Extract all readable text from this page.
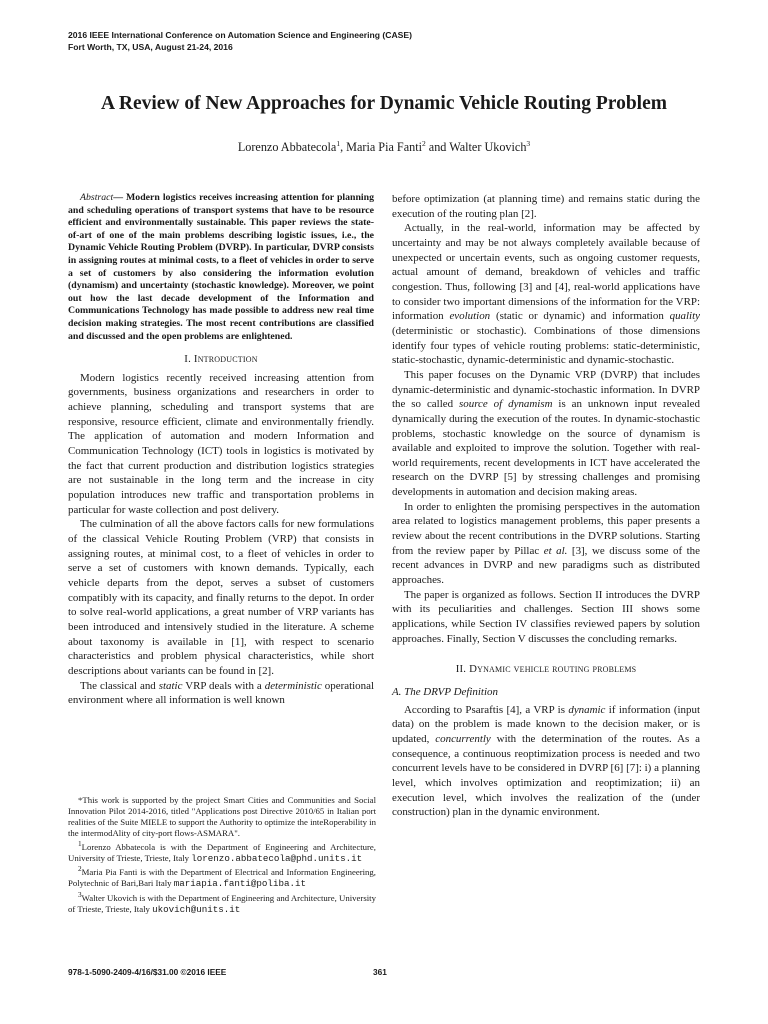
2016 IEEE International Conference on Automation Science and Engineering (CASE)
Fort Worth, TX, USA, August 21-24, 2016
A Review of New Approaches for Dynamic Vehicle Routing Problem
Lorenzo Abbatecola$^1$, Maria Pia Fanti$^2$ and Walter Ukovich$^3$

Abstract— Modern logistics receives increasing attention for planning and scheduling operations of transport systems that have to be resource efficient and environmentally sustainable. This paper reviews the state-of-art of one of the main problems describing logistic issues, i.e., the Dynamic Vehicle Routing Problem (DVRP). In particular, DVRP consists in assigning routes at minimal costs, to a fleet of vehicles in order to serve a set of customers by also considering the information evolution (dynamism) and uncertainty (stochastic knowledge). Moreover, we point out how the last decade development of the Information and Communications Technology has made possible to address new real time decision making strategies. The most recent contributions are classified and discussed and the open problems are enlightened.

I. Introduction

Modern logistics recently received increasing attention from governments, business organizations and researchers in order to achieve planning, scheduling and transport systems that are responsive, resource efficient, climate and environmentally friendly. The application of automation and modern Information and Communication Technology (ICT) tools in logistics is motivated by the fact that current production and distribution logistics strategies are not sustainable in the long term and the increase in city population introduces new traffic and transportation problems in particular for waste collection and post delivery.

The culmination of all the above factors calls for new formulations of the classical Vehicle Routing Problem (VRP) that consists in assigning routes, at minimal cost, to a fleet of vehicles in order to serve a set of customers with known demands. Typically, each vehicle departs from the depot, serves a subset of customers compatibly with its capacity, and finally returns to the depot. In order to solve real-world applications, a great number of VRP variants has been introduced and intensively studied in the literature. A scheme about taxonomy is available in [1], with respect to scenario characteristics and problem physical characteristics, while short descriptions about variants can be found in [2].

The classical and static VRP deals with a deterministic operational environment where all information is well known

*This work is supported by the project Smart Cities and Communities and Social Innovation Pilot 2014-2016, titled "Applications post Directive 2010/65 in Italian port realities of the Suite MIELE to support the Authority to optimize the inteRoperability in the intermodAlity of city-port flows-ASMARA".

$^1$Lorenzo Abbatecola is with the Department of Engineering and Architecture, University of Trieste, Trieste, Italy lorenzo.abbatecola@phd.units.it

$^2$Maria Pia Fanti is with the Department of Electrical and Information Engineering, Polytechnic of Bari,Bari Italy mariapia.fanti@poliba.it

$^3$Walter Ukovich is with the Department of Engineering and Architecture, University of Trieste, Trieste, Italy ukovich@units.it

before optimization (at planning time) and remains static during the execution of the routing plan [2].

Actually, in the real-world, information may be affected by uncertainty and may be not always completely available because of unexpected or uncertain events, such as ongoing customer requests, actual amount of demand, breakdown of vehicles and traffic congestion. Thus, following [3] and [4], real-world applications have to consider two important dimensions of the information for the VRP: information evolution (static or dynamic) and information quality (deterministic or stochastic). Combinations of those dimensions identify four types of vehicle routing problems: static-deterministic, static-stochastic, dynamic-deterministic and dynamic-stochastic.

This paper focuses on the Dynamic VRP (DVRP) that includes dynamic-deterministic and dynamic-stochastic information. In DVRP the so called source of dynamism is an unknown input revealed dynamically during the execution of the routes. In dynamic-stochastic problems, stochastic knowledge on the source of dynamism is available and exploited to improve the solution. Together with real-world requirements, recent developments in ICT have accelerated the research on the DVRP [5] by stressing challenges and promising developments in automation and decision making areas.

In order to enlighten the promising perspectives in the automation area related to logistics management problems, this paper presents a review about the recent contributions in the DVRP solutions. Starting from the review paper by Pillac et al. [3], we discuss some of the recent advances in DVRP and new paradigms such as distributed approaches.

The paper is organized as follows. Section II introduces the DVRP with its peculiarities and challenges. Section III shows some applications, while Section IV classifies reviewed papers by solution approaches. Finally, Section V discusses the concluding remarks.

II. Dynamic vehicle routing problems
A. The DRVP Definition

According to Psaraftis [4], a VRP is dynamic if information (input data) on the problem is made known to the decision maker, or is updated, concurrently with the determination of the routes. As a consequence, a continuous reoptimization process is needed and two concurrent levels have to be considered in DVRP [6] [7]: i) a planning level, which involves optimization and reoptimization; ii) an execution level, which involves the realization of the (under construction) plan in the dynamic environment.

978-1-5090-2409-4/16/$31.00 ©2016 IEEE	361
